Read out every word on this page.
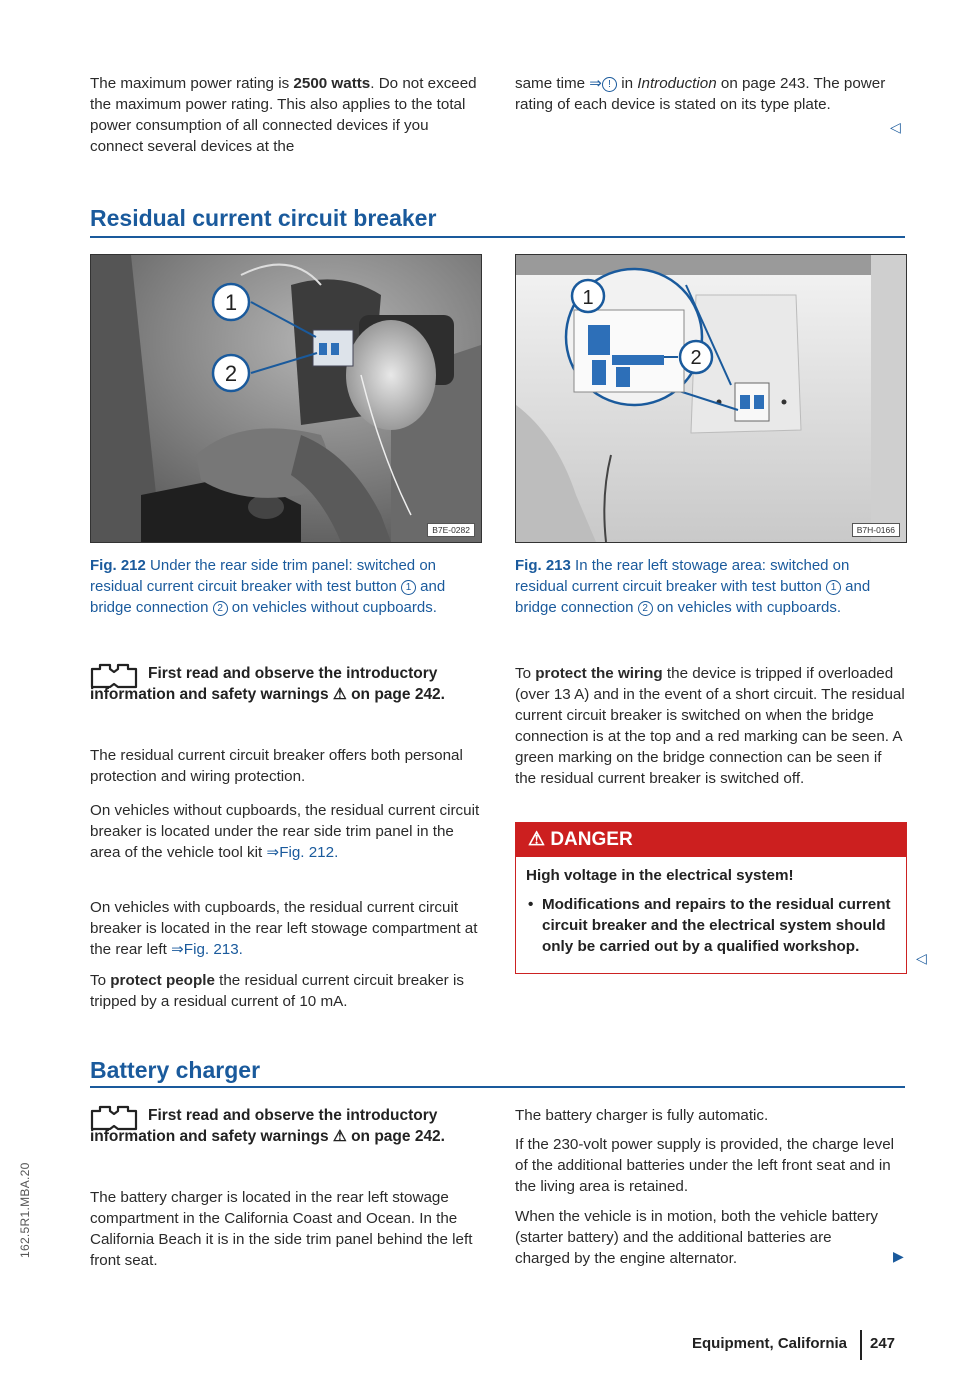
The maximum power rating is 2500 watts. Do not exceed the maximum power rating. This also applies to the total power consumption of all connected devices if you connect several devices at the

same time ⇒ ! in Introduction on page 243. The power rating of each device is stated on its type plate.

◁
Residual current circuit breaker
1
2
B7E-0282

Fig. 212 Under the rear side trim panel: switched on residual current circuit breaker with test button 1 and bridge connection 2 on vehicles without cupboards.

1
2
B7H-0166

Fig. 213 In the rear left stowage area: switched on residual current circuit breaker with test button 1 and bridge connection 2 on vehicles with cupboards.

First read and observe the introductory information and safety warnings ⚠ on page 242.

The residual current circuit breaker offers both personal protection and wiring protection.

On vehicles without cupboards, the residual current circuit breaker is located under the rear side trim panel in the area of the vehicle tool kit ⇒Fig. 212.

On vehicles with cupboards, the residual current circuit breaker is located in the rear left stowage compartment at the rear left ⇒Fig. 213.

To protect people the residual current circuit breaker is tripped by a residual current of 10 mA.

To protect the wiring the device is tripped if overloaded (over 13 A) and in the event of a short circuit. The residual current circuit breaker is switched on when the bridge connection is at the top and a red marking can be seen. A green marking on the bridge connection can be seen if the residual current breaker is switched off.

⚠ DANGER
High voltage in the electrical system!
• Modifications and repairs to the residual current circuit breaker and the electrical system should only be carried out by a qualified workshop.
◁
Battery charger

First read and observe the introductory information and safety warnings ⚠ on page 242.

The battery charger is located in the rear left stowage compartment in the California Coast and Ocean. In the California Beach it is in the side trim panel behind the left front seat.

The battery charger is fully automatic.

If the 230-volt power supply is provided, the charge level of the additional batteries under the left front seat and in the living area is retained.

When the vehicle is in motion, both the vehicle battery (starter battery) and the additional batteries are charged by the engine alternator.	▶
Equipment, California 247
162.5R1.MBA.20
